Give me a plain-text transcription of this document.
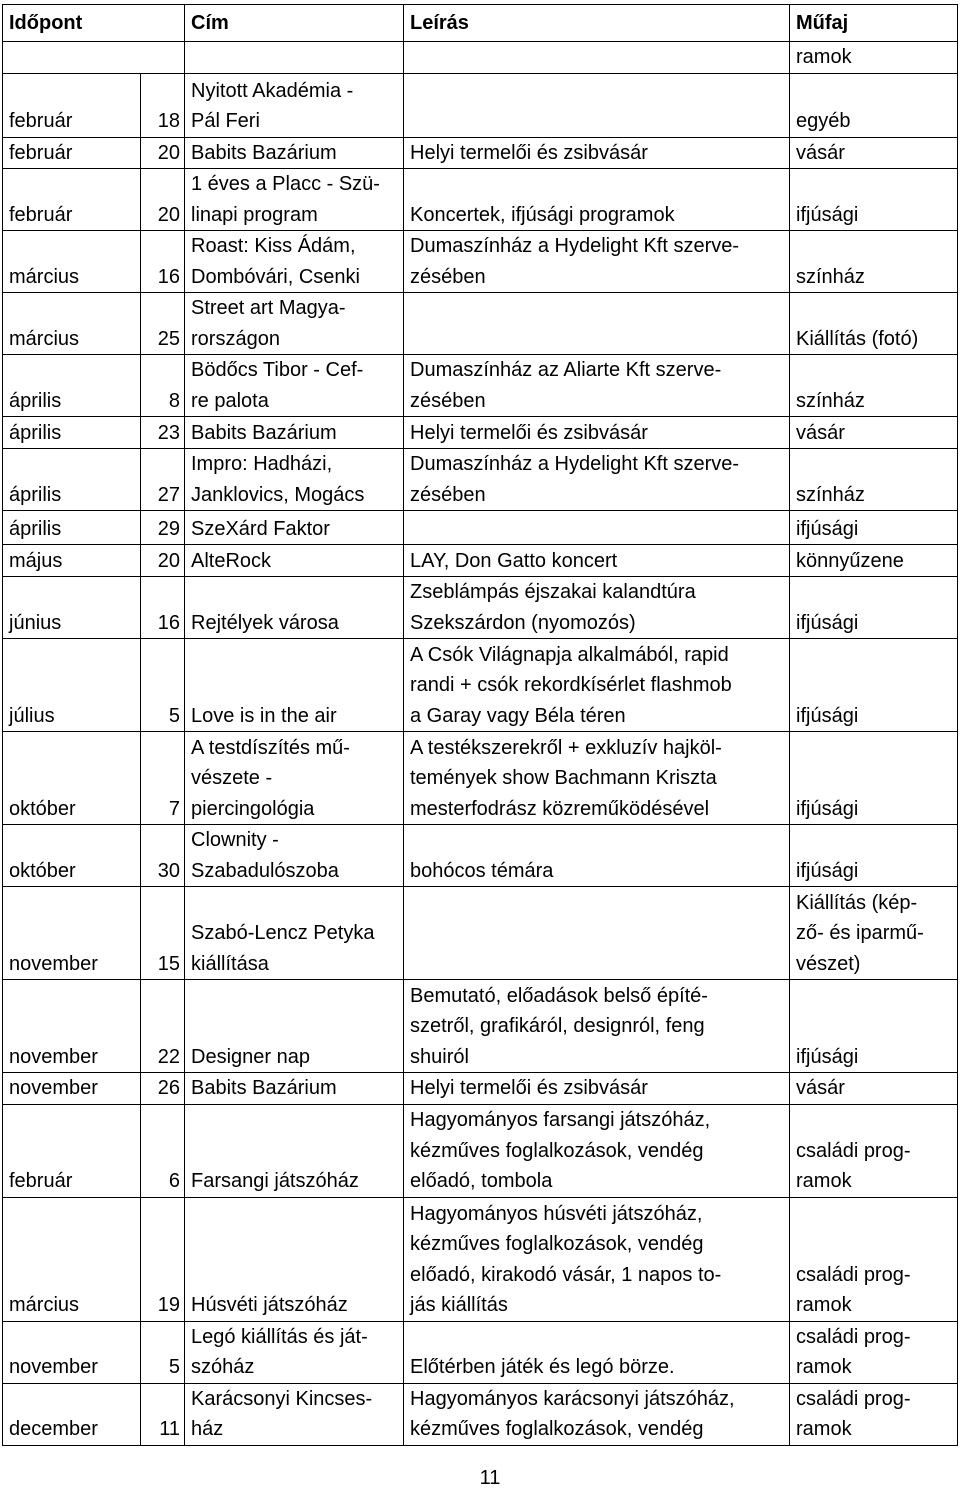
Időpont		Cím	Leírás	Műfaj
				ramok
február	18	Nyitott Akadémia -
Pál Feri		egyéb
február	20	Babits Bazárium	Helyi termelői és zsibvásár	vásár
február	20	1 éves a Placc - Szü-
linapi program	Koncertek, ifjúsági programok	ifjúsági
március	16	Roast: Kiss Ádám,
Dombóvári, Csenki	Dumaszínház a Hydelight Kft szerve-
zésében	színház
március	25	Street art Magya-
rországon		Kiállítás (fotó)
április	8	Bödőcs Tibor - Cef-
re palota	Dumaszínház az Aliarte Kft szerve-
zésében	színház
április	23	Babits Bazárium	Helyi termelői és zsibvásár	vásár
április	27	Impro: Hadházi,
Janklovics, Mogács	Dumaszínház a Hydelight Kft szerve-
zésében	színház
április	29	SzeXárd Faktor		ifjúsági
május	20	AlteRock	LAY, Don Gatto koncert	könnyűzene
június	16	Rejtélyek városa	Zseblámpás éjszakai kalandtúra
Szekszárdon (nyomozós)	ifjúsági
július	5	Love is in the air	A Csók Világnapja alkalmából, rapid
randi + csók rekordkísérlet flashmob
a Garay vagy Béla téren	ifjúsági
október	7	A testdíszítés mű-
vészete -
piercingológia	A testékszerekről + exkluzív hajköl-
temények show Bachmann Kriszta
mesterfodrász közreműködésével	ifjúsági
október	30	Clownity -
Szabadulószoba	bohócos témára	ifjúsági
november	15	Szabó-Lencz Petyka
kiállítása		Kiállítás (kép-
ző- és iparmű-
vészet)
november	22	Designer nap	Bemutató, előadások belső építé-
szetről, grafikáról, designról, feng
shuiról	ifjúsági
november	26	Babits Bazárium	Helyi termelői és zsibvásár	vásár
február	6	Farsangi játszóház	Hagyományos farsangi játszóház,
kézműves foglalkozások, vendég
előadó, tombola	családi prog-
ramok
március	19	Húsvéti játszóház	Hagyományos húsvéti játszóház,
kézműves foglalkozások, vendég
előadó, kirakodó vásár, 1 napos to-
jás kiállítás	családi prog-
ramok
november	5	Legó kiállítás és ját-
szóház	Előtérben játék és legó börze.	családi prog-
ramok
december	11	Karácsonyi Kincses-
ház	Hagyományos karácsonyi játszóház,
kézműves foglalkozások, vendég	családi prog-
ramok
11
